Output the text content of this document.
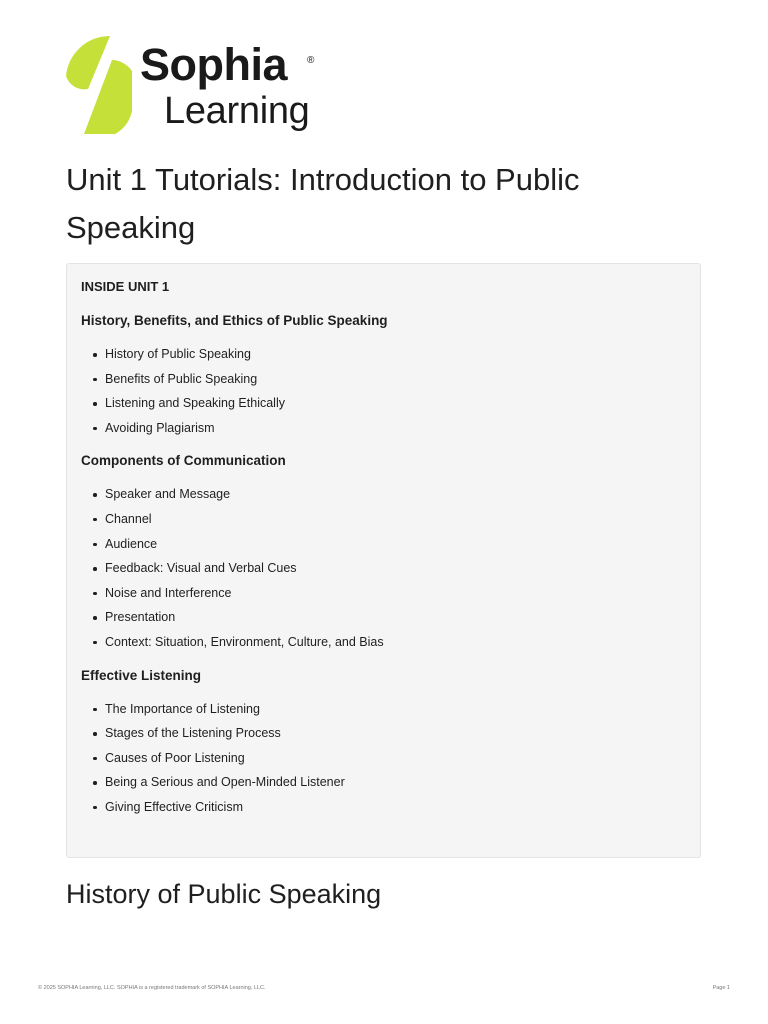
Sophia ®
Learning
Unit 1 Tutorials: Introduction to Public Speaking
INSIDE UNIT 1
History, Benefits, and Ethics of Public Speaking
History of Public Speaking
Benefits of Public Speaking
Listening and Speaking Ethically
Avoiding Plagiarism
Components of Communication
Speaker and Message
Channel
Audience
Feedback: Visual and Verbal Cues
Noise and Interference
Presentation
Context: Situation, Environment, Culture, and Bias
Effective Listening
The Importance of Listening
Stages of the Listening Process
Causes of Poor Listening
Being a Serious and Open-Minded Listener
Giving Effective Criticism
History of Public Speaking
© 2025 SOPHIA Learning, LLC. SOPHIA is a registered trademark of SOPHIA Learning, LLC.	Page 1
